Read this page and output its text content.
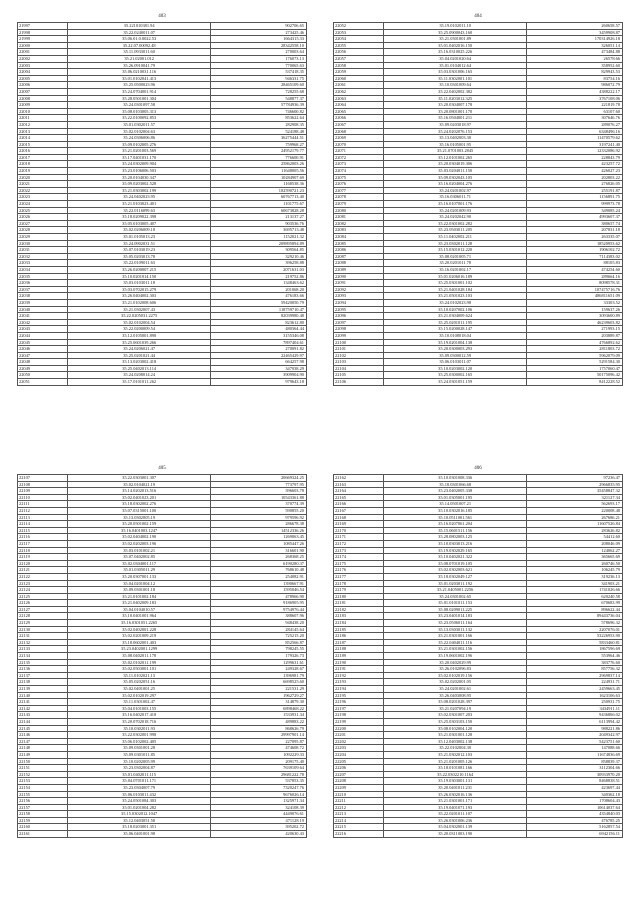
403
21997	35.221010381.94	902706.65
21998	35.22.0240011.07	273425.46
21999	35.06.01.0.0022.53	1664315.33
22000	35.22.07.00092.48	28342558.10
22001	35.11.0933011.60	270003.64
22002	35.21.02001.012	176073.13
22003	35.26.0910041.79	770065.63
22004	35.06.0210031.116	537418.35
22005	35.01.0102041.413	946331.75
22006	35.25.0500023.96	28465109.60
22007	35.24.0704001.914	728255.68
22008	35.28.0501001.304	548877.37
22009	35.24.0301097.58	57784936.39
22010	35.08.0103005.313	746600.82
22011	35.22.0100092.853	853622.64
22012	35.01.0302011.57	282908.35
22013	35.02.0102004.63	524188.48
22014	35.24.0306006.86	36275444.51
22015	35.09.0102005.276	759968.27
22016	35.21.0201003.569	24952179.77
22017	35.17.0401031.170	776600.91
22018	35.24.0302009.904	25862003.26
22019	35.23.0106006.503	11648005.56
22020	35.20.0104030.347	10284907.69
22021	35.09.0203002.528	1168538.36
22022	35.21.0303002.199	102590721.23
22023	35.24.0402023.95	60767713.40
22024	35.21.0103023.401	1101775.67
22025	35.22.0116099.63	60673828.28
22026	35.18.0209022.398	213137.27
22027	35.05.0103005.407	903536.76
22028	35.02.0206009.18	3695713.48
22029	35.01.0105013.23	1152021.32
22030	35.24.0902031.51	209895894.89
22031	35.07.0103019.23	309564.85
22032	35.05.0203013.78	329210.46
22033	35.22.0109011.63	396258.88
22034	35.26.0200007.215	2071631.03
22035	35.10.0201014.150	219752.86
22036	35.03.0103011.18	1348463.62
22037	35.03.0702015.279	201068.20
22038	35.26.0404002.303	476183.66
22039	35.21.0102008.606	59420050.79
22040	35.21.0302007.43	118759710.47
22041	35.22.0205031.2275	82039980.48
22042	35.02.0102004.54	823612.80
22043	35.22.0200009.54	480364.44
22044	35.12.0105001.898	3155346.08
22045	35.25.0601039.266	7897404.61
22046	35.24.0206021.47	270091.82
22047	35.25.0201021.44	22465429.97
22048	35.13.0203002.418	664257.98
22049	35.25.0402013.114	347038.29
22050	35.24.0208014.24	3909904.90
22051	35.17.0101011.262	979643.18
404
22052	35.19.0102011.10	260658.57
22053	35.25.0900043.160	3459908.87
22054	35.21.0301001.89	170314926.18
22055	35.01.0402016.150	326051.14
22056	35.16.0310025.226	473484.88
22057	35.04.0201020.64	26578.66
22058	35.01.0104012.64	358952.60
22059	35.03.0301006.165	829943.53
22060	35.11.0302001.101	83754.16
22061	35.10.0301009.64	986072.79
22062	35.22.0402002.382	4388222.17
22063	35.11.0203012.325	3767108.06
22064	35.20.0304007.178	221819.78
22065	35.20.0801001.170	63107.60
22066	35.16.0504001.211	307646.76
22067	35.09.0203018.97	289076.27
22068	35.24.0202076.153	6348496.16
22069	35.13.0402003.30	11470579.62
22070	35.16.0105001.95	3197241.40
22071	35.21.0701003.2845	12332086.92
22072	35.12.0101002.265	228843.79
22073	35.20.0304019.306	423257.72
22074	35.03.0204011.150	426027.23
22075	35.09.0302043.105	202803.22
22076	35.16.0204004.276	276826.05
22077	35.24.0201002.97	255191.87
22078	35.16.0306011.71	1156891.75
22079	35.16.0107001.176	999973.78
22080	35.24.0201009.93	349085.24
22081	35.24.0202042.90	4993607.37
22082	35.22.0301002.282	380657.74
22083	35.23.0503011.205	207831.18
22084	35.11.0402002.211	263335.07
22085	35.23.0302011.128	18520953.62
22086	35.15.0301012.220	1906102.72
22087	35.08.0201005.71	7114383.02
22088	35.20.0201011.78	88105.83
22089	35.16.0201002.17	474254.60
22090	35.01.0206016.189	289664.16
22091	35.25.0301001.102	8098578.31
22092	35.21.0401028.184	107475716.76
22093	35.21.0501023.103	486811651.09
22094	35.24.0102023.98	33303.52
22095	35.10.0207002.106	159637.26
22096	35.21.0304009.624	3093600.89
22097	35.25.0201011.195	46239603.82
22098	35.15.0200028.147	271993.15
22099	35.10.0108018.04	203889.87
22100	35.19.0201004.138	4766892.62
22101	35.20.0300003.293	2811803.72
22102	35.09.0300012.59	5962079.09
22103	35.06.0103011.07	5291584.30
22104	35.10.0203002.120	1757060.47
22105	35.25.0300002.165	50175096.42
22106	35.24.0301051.159	8412228.52
405
22107	35.22.0303001.307	20669324.25
22108	35.02.0104021.19	773797.95
22109	35.14.0202013.516	396603.78
22110	35.02.0401023.201	10543361.88
22111	35.18.0302002.276	370774.39
22112	35.07.0315001.100	590855.20
22113	35.13.0302005.19	979596.92
22114	35.20.0501002.159	286678.38
22115	35.16.0401003.1247	14512336.26
22116	35.02.0404002.190	1269063.45
22117	35.02.0202003.196	1085447.26
22118	35.03.0101002.21	316601.90
22119	35.07.0402002.85	268368.25
22120	35.02.0304001.117	6190280.37
22121	35.01.0305011.29	768610.48
22122	35.20.0307001.133	254082.91
22123	35.04.0201004.12	1390667.91
22124	35.09.0301001.18	1595046.54
22125	35.21.0101002.184	478966.90
22126	35.21.0402009.183	9186905.95
22127	35.04.0104010.57	9754976.44
22128	35.10.0401001.964	388607.96
22129	35.16.0301051.2265	948438.20
22130	35.02.0402001.228	284145.64
22131	35.02.0201009.219	725215.20
22132	35.18.0602001.403	852566.87
22133	35.23.0402001.1299	798245.55
22134	35.08.0402011.178	179326.73
22135	35.02.0102011.199	1299631.61
22136	35.02.0503001.101	249328.67
22137	35.11.0102021.13	1396981.79
22138	35.05.0202051.16	6698525.60
22139	35.02.0401001.25	221531.29
22140	35.02.0102019.297	1962729.27
22141	35.11.0301002.47	314879.30
22142	35.04.0101003.155	6898468.22
22143	35.16.0402017.418	1533931.34
22144	35.20.0702018.716	489883.22
22145	35.10.0302011.93	868626.79
22146	35.22.0302001.998	29997901.14
22147	35.06.0102002.405	227095.87
22148	35.09.0301001.28	474608.72
22149	35.09.0301011.85	1092229.33
22150	35.10.0202005.99	209175.40
22151	35.23.0302004.87	7639109.64
22152	35.01.0402011.115	29681222.78
22153	35.04.0701011.171	537853.35
22154	35.23.0304007.79	7320247.76
22155	35.06.0103011.432	9676026.14
22156	35.24.0501084.303	1325971.34
22157	35.01.0201004.282	324108.39
22158	35.15.0302012.1047	4449076.61
22159	35.12.0403051.58	471128.19
22160	35.18.0203001.351	395202.72
22161	35.06.0401001.98	420630.43
406
22162	35.10.0301008.336	97236.47
22163	35.18.0301066.68	2966835.95
22164	35.23.0402005.338	35458847.32
22165	35.01.0305001.195	321127.34
22166	35.14.0501007.21	562693.17
22167	35.10.0302016.185	220008.48
22168	35.10.0511001.561	267686.21
22169	35.16.0207061.204	11607526.84
22170	35.15.0601511.156	283626.82
22171	35.28.0802003.125	54412.60
22172	35.10.0303013.216	208046.09
22173	35.19.0302029.165	124062.27
22174	35.10.0402021.322	365665.69
22175	35.08.0701019.105	260746.50
22176	35.02.0302003.621	106245.79
22177	35.18.0302049.127	319236.13
22178	35.01.0203011.192	341903.21
22179	35.21.0405001.2256	1741026.66
22180	35.24.0301002.65	620240.58
22181	35.01.0101011.153	670683.99
22182	35.08.0209011.225	896622.44
22183	35.23.0401014.183	89443736.04
22184	35.23.0506011.164	578696.32
22185	35.13.0303011.132	2207076.01
22186	35.21.0301001.166	53226953.90
22187	35.22.0404011.116	5833460.81
22188	35.21.0301002.156	1867596.69
22189	35.19.0601002.196	553964.46
22190	35.20.0402029.99	383776.60
22191	35.26.0102096.83	857756.32
22192	35.02.0102019.156	2969837.14
22193	35.02.0202001.05	224931.71
22194	35.24.0201002.61	2459663.45
22195	35.26.0403008.95	1623106.63
22196	35.08.0201028.397	250931.75
22197	35.21.0207094.19	3434911.11
22198	35.02.0301007.203	9436866.02
22199	35.25.0303103.150	6113994.42
22200	35.08.0102004.120	988221.86
22201	35.21.0301001.128	2049342.97
22202	35.12.0403002.138	5423751.60
22203	35.22.0102004.30	147088.66
22204	35.21.0302012.103	11674836.69
22205	35.21.0201005.126	858839.37
22206	35.18.0101081.166	3112304.66
22207	35.22.0302210.1164	30933970.20
22208	35.19.0303001.131	8468838.51
22209	35.20.0401011.231	423697.44
22210	35.26.0302016.136	340362.18
22211	35.21.0301001.171	1708604.43
22212	35.19.0401071.193	10614037.64
22213	35.22.0201011.107	4354840.03
22214	35.26.0301006.236	476785.25
22215	35.04.0302001.139	5162857.54
22216	35.20.0311003.190	6942156.11
